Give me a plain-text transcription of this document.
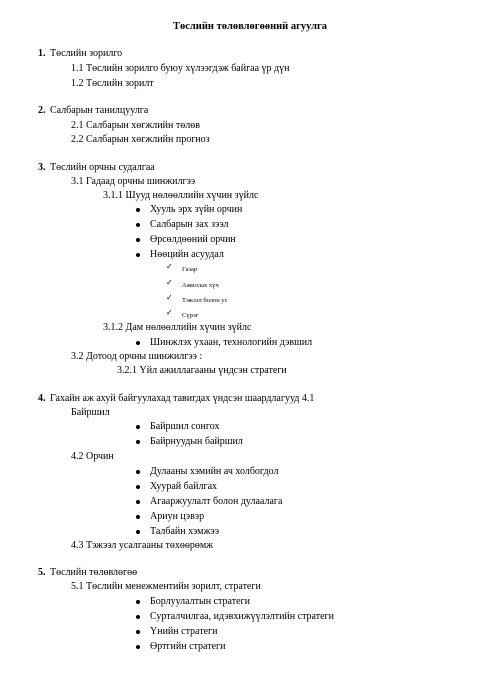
Төслийн төлөвлөгөөний агуулга
1. Төслийн зорилго
1.1 Төслийн зорилго буюу хүлээгдэж байгаа үр дүн
1.2 Төслийн зорилт
2. Салбарын танилцуулга
2.1 Салбарын хөгжлийн төлөв
2.2 Салбарын хөгжлийн прогноз
3. Төслийн орчны судалгаа
3.1 Гадаад орчны шинжилгээ
3.1.1 Шууд нөлөөллийн хүчин зүйлс
Хууль эрх зүйн орчин
Салбарын зах зээл
Өрсөлдөөний орчин
Нөөцийн асуудал
✓ Газар
✓ Ажиллах хүч
✓ Тэжээл болон ус
✓ Сүрэг
3.1.2 Дам нөлөөллийн хүчин зүйлс
Шинжлэх ухаан, технологийн дэвшил
3.2 Дотоод орчны шинжилгээ :
3.2.1 Үйл ажиллагааны үндсэн стратеги
4. Гахайн аж ахуй байгуулахад тавигдах үндсэн шаардлагууд 4.1
Байршил
Байршил сонгох
Байрнуудын байршил
4.2 Орчин
Дулааны хэмийн ач холбогдол
Хуурай байлгах
Агааржуулалт болон дулаалага
Ариун цэвэр
Талбайн хэмжээ
4.3 Тэжээл усалгааны төхөөрөмж
5. Төслийн төлөвлөгөө
5.1 Төслийн менежментийн зорилт, стратеги
Борлуулалтын стратеги
Сурталчилгаа, идэвхижүүлэлтийн стратеги
Үнийн стратеги
Өртгийн стратеги
